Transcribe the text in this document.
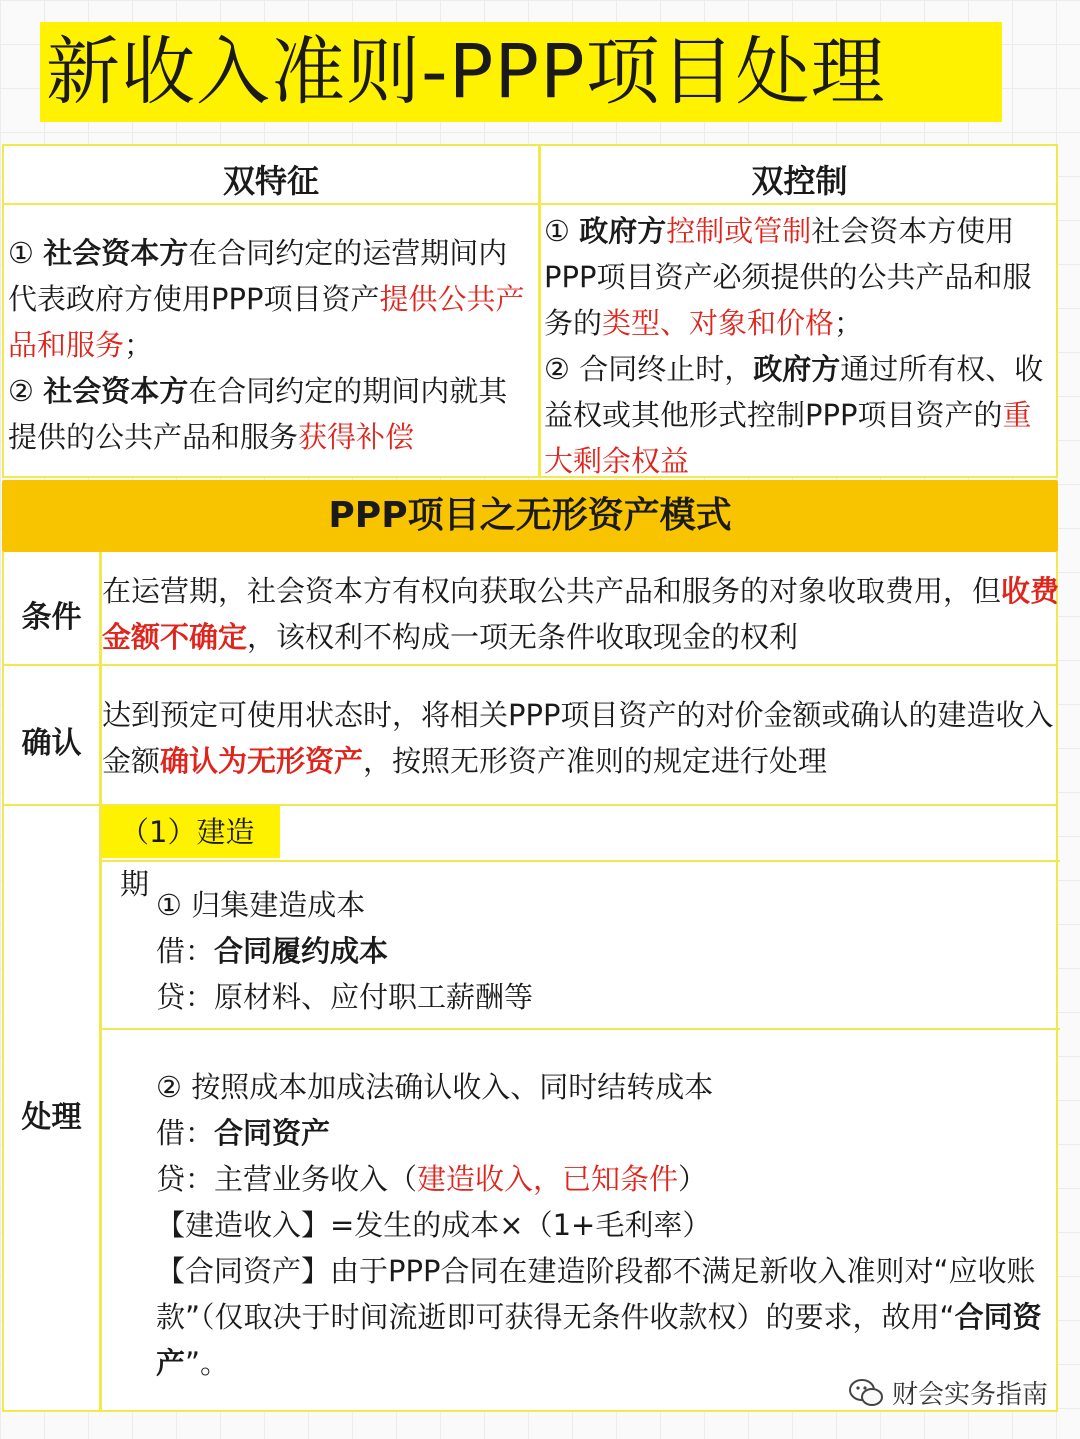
新收入准则-PPP项目处理
双特征	双控制
① 社会资本方在合同约定的运营期间内代表政府方使用PPP项目资产提供公共产品和服务；
② 社会资本方在合同约定的期间内就其提供的公共产品和服务获得补偿
① 政府方控制或管制社会资本方使用PPP项目资产必须提供的公共产品和服务的类型、对象和价格；
② 合同终止时，政府方通过所有权、收益权或其他形式控制PPP项目资产的重大剩余权益
PPP项目之无形资产模式
条件
在运营期，社会资本方有权向获取公共产品和服务的对象收取费用，但收费金额不确定，该权利不构成一项无条件收取现金的权利
确认
达到预定可使用状态时，将相关PPP项目资产的对价金额或确认的建造收入金额确认为无形资产，按照无形资产准则的规定进行处理
（1）建造期
处理
① 归集建造成本
借：合同履约成本
贷：原材料、应付职工薪酬等
② 按照成本加成法确认收入、同时结转成本
借：合同资产
贷：主营业务收入（建造收入，已知条件）
【建造收入】=发生的成本×（1+毛利率）
【合同资产】由于PPP合同在建造阶段都不满足新收入准则对“应收账款”（仅取决于时间流逝即可获得无条件收款权）的要求，故用“合同资产”。
财会实务指南
